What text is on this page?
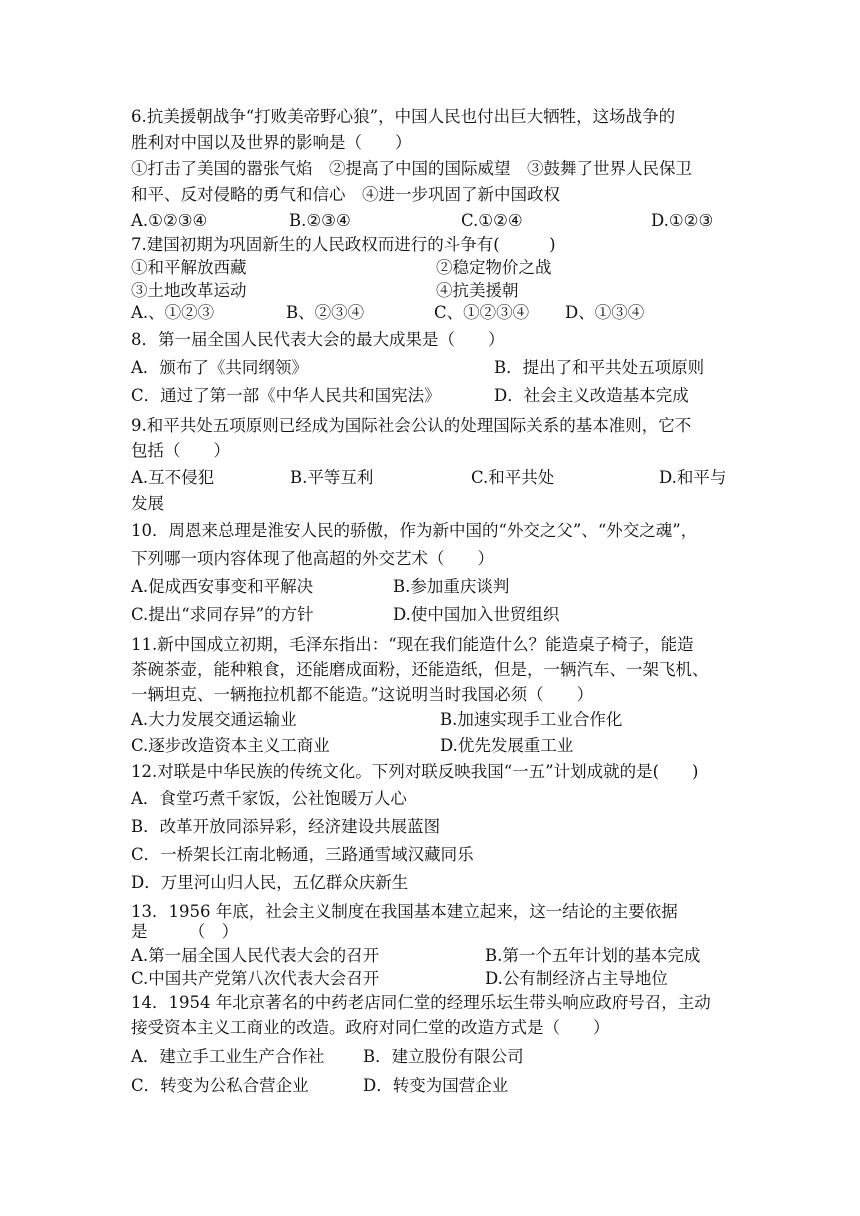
6.抗美援朝战争“打败美帝野心狼”，中国人民也付出巨大牺牲，这场战争的
胜利对中国以及世界的影响是（　　）
①打击了美国的嚣张气焰　②提高了中国的国际威望　③鼓舞了世界人民保卫
和平、反对侵略的勇气和信心　④进一步巩固了新中国政权
A.①②③④	B.②③④	C.①②④	D.①②③
7.建国初期为巩固新生的人民政权而进行的斗争有(　　　)
①和平解放西藏	②稳定物价之战
③土地改革运动	④抗美援朝
A.、①②③	B、②③④	C、①②③④ D、①③④
8．第一届全国人民代表大会的最大成果是（　　）
A．颁布了《共同纲领》	B．提出了和平共处五项原则
C．通过了第一部《中华人民共和国宪法》	D．社会主义改造基本完成
9.和平共处五项原则已经成为国际社会公认的处理国际关系的基本准则，它不
包括（　　）
A.互不侵犯	B.平等互利	C.和平共处	D.和平与
发展
10．周恩来总理是淮安人民的骄傲，作为新中国的“外交之父”、“外交之魂”，
下列哪一项内容体现了他高超的外交艺术（　　）
A.促成西安事变和平解决	B.参加重庆谈判
C.提出“求同存异”的方针	D.使中国加入世贸组织
11.新中国成立初期，毛泽东指出：“现在我们能造什么？能造桌子椅子，能造
茶碗茶壶，能种粮食，还能磨成面粉，还能造纸，但是，一辆汽车、一架飞机、
一辆坦克、一辆拖拉机都不能造。”这说明当时我国必须（　　）
A.大力发展交通运输业	B.加速实现手工业合作化
C.逐步改造资本主义工商业	D.优先发展重工业
12.对联是中华民族的传统文化。下列对联反映我国“一五”计划成就的是(　　)
A．食堂巧煮千家饭，公社饱暖万人心
B．改革开放同添异彩，经济建设共展蓝图
C．一桥架长江南北畅通，三路通雪域汉藏同乐
D．万里河山归人民，五亿群众庆新生
13．1956 年底，社会主义制度在我国基本建立起来，这一结论的主要依据
是　　　（　）
A.第一届全国人民代表大会的召开	B.第一个五年计划的基本完成
C.中国共产党第八次代表大会召开	D.公有制经济占主导地位
14．1954 年北京著名的中药老店同仁堂的经理乐坛生带头响应政府号召，主动
接受资本主义工商业的改造。政府对同仁堂的改造方式是（　　）
A．建立手工业生产合作社 B．建立股份有限公司
C．转变为公私合营企业	D．转变为国营企业
